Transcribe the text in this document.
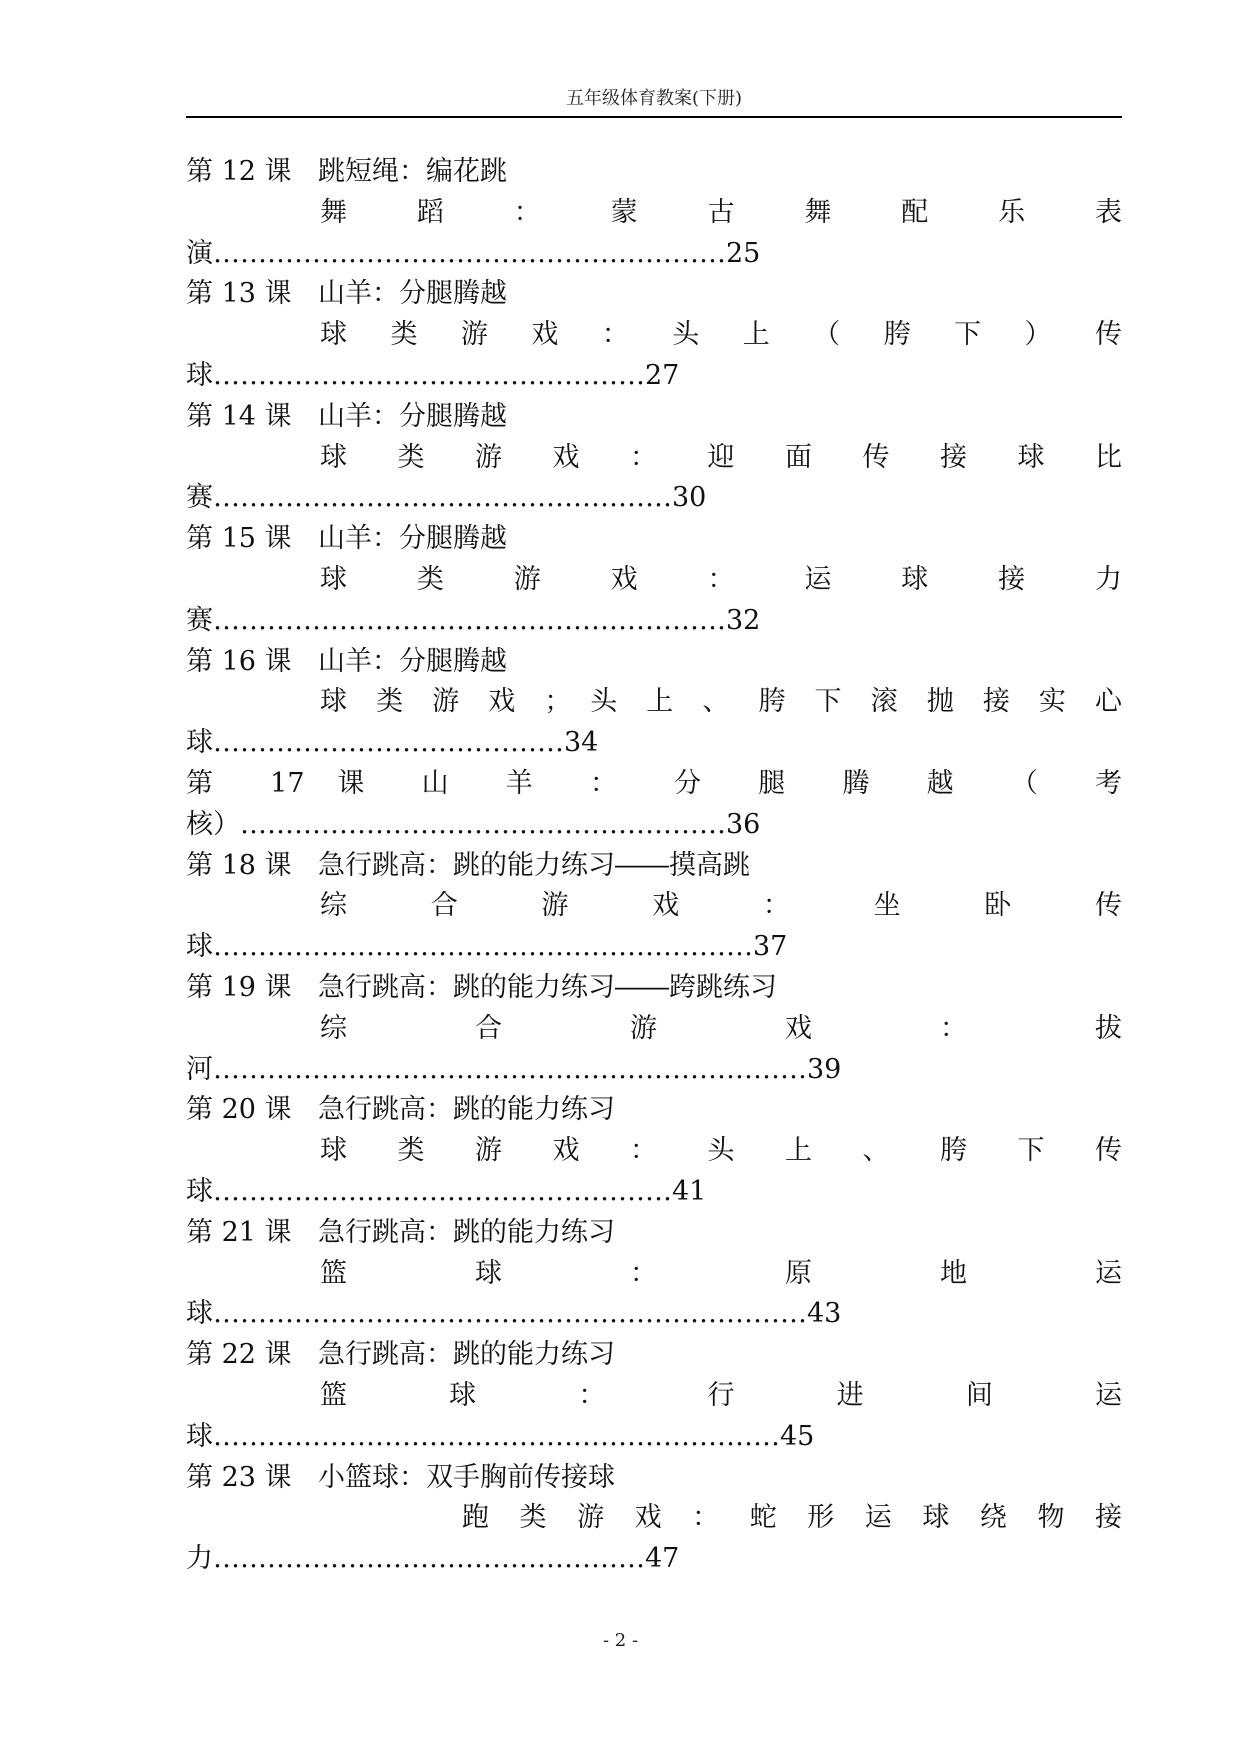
五年级体育教案(下册)
第 12 课 跳短绳：编花跳
舞 蹈 ： 蒙 古 舞 配 乐 表
演…………………………………………………25
第 13 课 山羊：分腿腾越
球 类 游 戏 ： 头 上 （ 胯 下 ） 传
球…………………………………………27
第 14 课 山羊：分腿腾越
球 类 游 戏 ： 迎 面 传 接 球 比
赛……………………………………………30
第 15 课 山羊：分腿腾越
球 类 游 戏 ： 运 球 接 力
赛…………………………………………………32
第 16 课 山羊：分腿腾越
球 类 游 戏 ； 头 上 、 胯 下 滚 抛 接 实 心
球…………………………………34
第 17 课 山 羊 ： 分 腿 腾 越 （ 考
核）………………………………………………36
第 18 课 急行跳高：跳的能力练习――摸高跳
综 合 游 戏 ： 坐 卧 传
球……………………………………………………37
第 19 课 急行跳高：跳的能力练习――跨跳练习
综 合 游 戏 ： 拔
河…………………………………………………………39
第 20 课 急行跳高：跳的能力练习
球 类 游 戏 ： 头 上 、 胯 下 传
球……………………………………………41
第 21 课 急行跳高：跳的能力练习
篮 球 ： 原 地 运
球…………………………………………………………43
第 22 课 急行跳高：跳的能力练习
篮 球 ： 行 进 间 运
球………………………………………………………45
第 23 课 小篮球：双手胸前传接球
跑 类 游 戏 ： 蛇 形 运 球 绕 物 接
力…………………………………………47
- 2 -
